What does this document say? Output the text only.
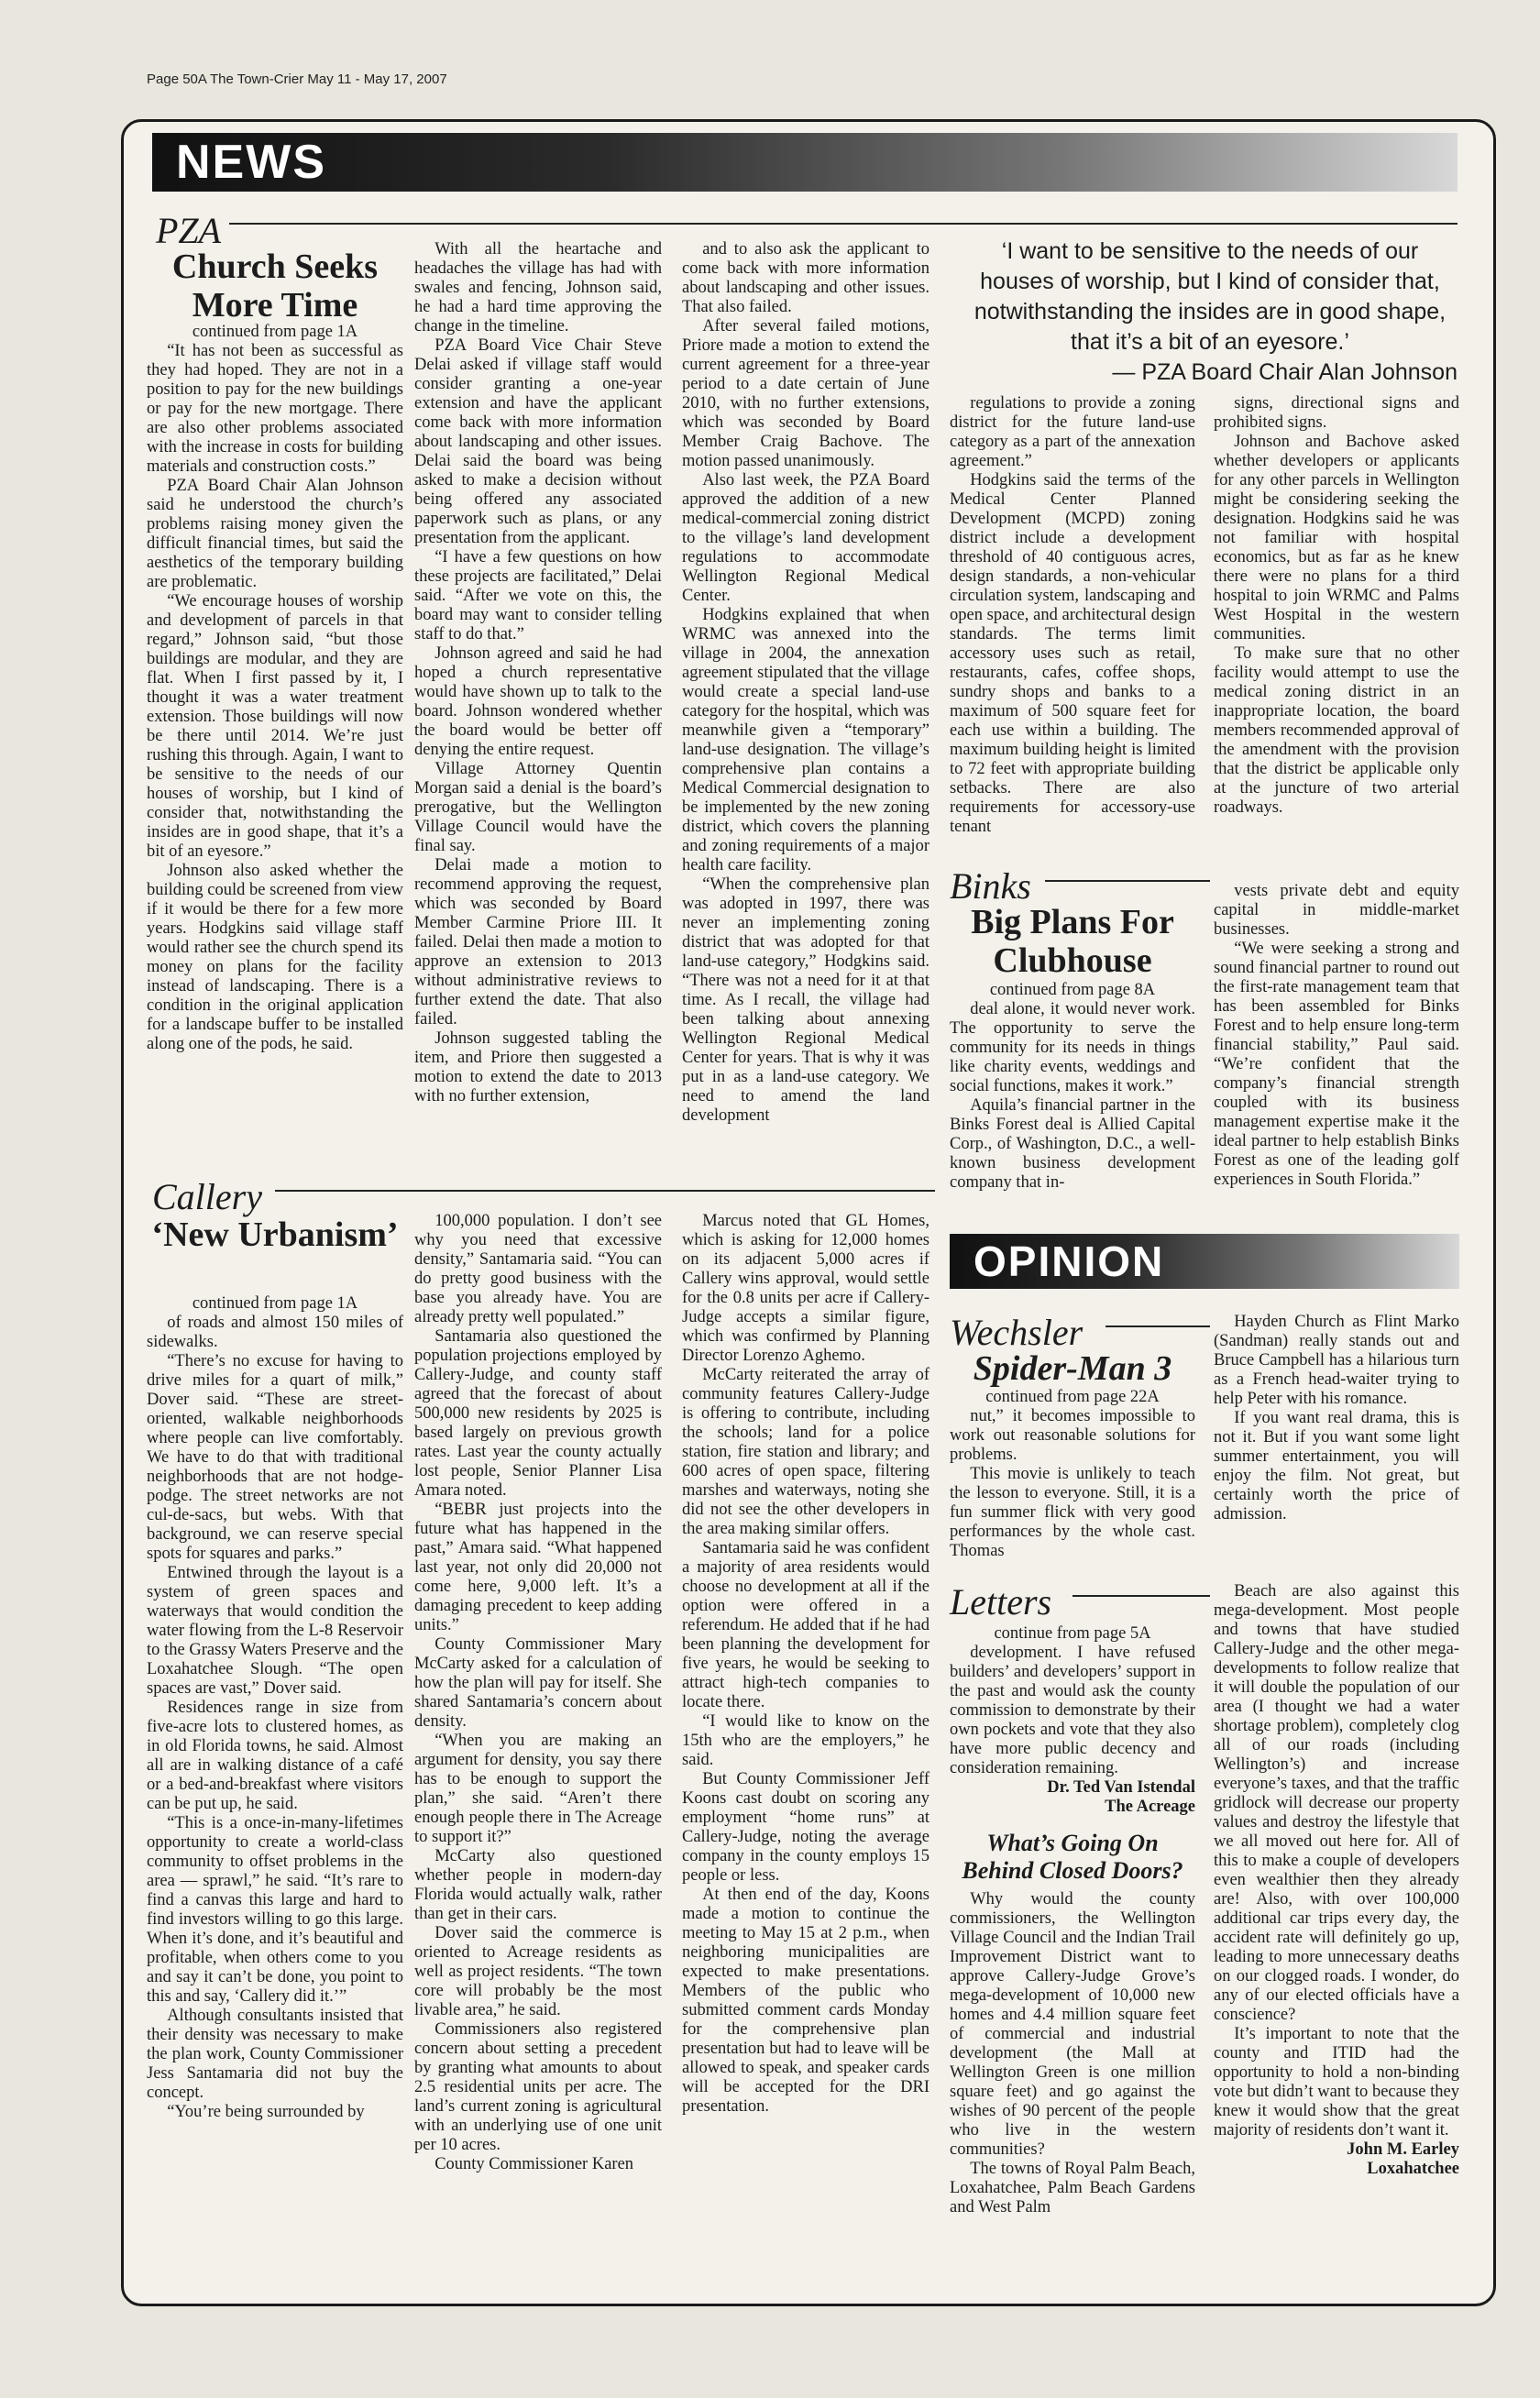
Page 50A The Town-Crier May 11 - May 17, 2007
NEWS
PZA
Church Seeks More Time

continued from page 1A

“It has not been as successful as they had hoped. They are not in a position to pay for the new buildings or pay for the new mortgage. There are also other problems associated with the increase in costs for building materials and construction costs.”

PZA Board Chair Alan Johnson said he understood the church’s problems raising money given the difficult financial times, but said the aesthetics of the temporary building are problematic.

“We encourage houses of worship and development of parcels in that regard,” Johnson said, “but those buildings are modular, and they are flat. When I first passed by it, I thought it was a water treatment extension. Those buildings will now be there until 2014. We’re just rushing this through. Again, I want to be sensitive to the needs of our houses of worship, but I kind of consider that, notwithstanding the insides are in good shape, that it’s a bit of an eyesore.”

Johnson also asked whether the building could be screened from view if it would be there for a few more years. Hodgkins said village staff would rather see the church spend its money on plans for the facility instead of landscaping. There is a condition in the original application for a landscape buffer to be installed along one of the pods, he said.

With all the heartache and headaches the village has had with swales and fencing, Johnson said, he had a hard time approving the change in the timeline.

PZA Board Vice Chair Steve Delai asked if village staff would consider granting a one-year extension and have the applicant come back with more information about landscaping and other issues. Delai said the board was being asked to make a decision without being offered any associated paperwork such as plans, or any presentation from the applicant.

“I have a few questions on how these projects are facilitated,” Delai said. “After we vote on this, the board may want to consider telling staff to do that.”

Johnson agreed and said he had hoped a church representative would have shown up to talk to the board. Johnson wondered whether the board would be better off denying the entire request.

Village Attorney Quentin Morgan said a denial is the board’s prerogative, but the Wellington Village Council would have the final say.

Delai made a motion to recommend approving the request, which was seconded by Board Member Carmine Priore III. It failed. Delai then made a motion to approve an extension to 2013 without administrative reviews to further extend the date. That also failed.

Johnson suggested tabling the item, and Priore then suggested a motion to extend the date to 2013 with no further extension,

and to also ask the applicant to come back with more information about landscaping and other issues. That also failed.

After several failed motions, Priore made a motion to extend the current agreement for a three-year period to a date certain of June 2010, with no further extensions, which was seconded by Board Member Craig Bachove. The motion passed unanimously.

Also last week, the PZA Board approved the addition of a new medical-commercial zoning district to the village’s land development regulations to accommodate Wellington Regional Medical Center.

Hodgkins explained that when WRMC was annexed into the village in 2004, the annexation agreement stipulated that the village would create a special land-use category for the hospital, which was meanwhile given a “temporary” land-use designation. The village’s comprehensive plan contains a Medical Commercial designation to be implemented by the new zoning district, which covers the planning and zoning requirements of a major health care facility.

“When the comprehensive plan was adopted in 1997, there was never an implementing zoning district that was adopted for that land-use category,” Hodgkins said. “There was not a need for it at that time. As I recall, the village had been talking about annexing Wellington Regional Medical Center for years. That is why it was put in as a land-use category. We need to amend the land development

‘I want to be sensitive to the needs of our houses of worship, but I kind of consider that, notwithstanding the insides are in good shape, that it’s a bit of an eyesore.’
— PZA Board Chair Alan Johnson

regulations to provide a zoning district for the future land-use category as a part of the annexation agreement.”

Hodgkins said the terms of the Medical Center Planned Development (MCPD) zoning district include a development threshold of 40 contiguous acres, design standards, a non-vehicular circulation system, landscaping and open space, and architectural design standards. The terms limit accessory uses such as retail, restaurants, cafes, coffee shops, sundry shops and banks to a maximum of 500 square feet for each use within a building. The maximum building height is limited to 72 feet with appropriate building setbacks. There are also requirements for accessory-use tenant

signs, directional signs and prohibited signs.

Johnson and Bachove asked whether developers or applicants for any other parcels in Wellington might be considering seeking the designation. Hodgkins said he was not familiar with hospital economics, but as far as he knew there were no plans for a third hospital to join WRMC and Palms West Hospital in the western communities.

To make sure that no other facility would attempt to use the medical zoning district in an inappropriate location, the board members recommended approval of the amendment with the provision that the district be applicable only at the juncture of two arterial roadways.

Binks
Big Plans For Clubhouse

continued from page 8A

deal alone, it would never work. The opportunity to serve the community for its needs in things like charity events, weddings and social functions, makes it work.”

Aquila’s financial partner in the Binks Forest deal is Allied Capital Corp., of Washington, D.C., a well-known business development company that in-

vests private debt and equity capital in middle-market businesses.

“We were seeking a strong and sound financial partner to round out the first-rate management team that has been assembled for Binks Forest and to help ensure long-term financial stability,” Paul said. “We’re confident that the company’s financial strength coupled with its business management expertise make it the ideal partner to help establish Binks Forest as one of the leading golf experiences in South Florida.”

Callery
‘New Urbanism’

continued from page 1A

of roads and almost 150 miles of sidewalks.

“There’s no excuse for having to drive miles for a quart of milk,” Dover said. “These are street-oriented, walkable neighborhoods where people can live comfortably. We have to do that with traditional neighborhoods that are not hodge-podge. The street networks are not cul-de-sacs, but webs. With that background, we can reserve special spots for squares and parks.”

Entwined through the layout is a system of green spaces and waterways that would condition the water flowing from the L-8 Reservoir to the Grassy Waters Preserve and the Loxahatchee Slough. “The open spaces are vast,” Dover said.

Residences range in size from five-acre lots to clustered homes, as in old Florida towns, he said. Almost all are in walking distance of a café or a bed-and-breakfast where visitors can be put up, he said.

“This is a once-in-many-lifetimes opportunity to create a world-class community to offset problems in the area — sprawl,” he said. “It’s rare to find a canvas this large and hard to find investors willing to go this large. When it’s done, and it’s beautiful and profitable, when others come to you and say it can’t be done, you point to this and say, ‘Callery did it.’”

Although consultants insisted that their density was necessary to make the plan work, County Commissioner Jess Santamaria did not buy the concept.

“You’re being surrounded by

100,000 population. I don’t see why you need that excessive density,” Santamaria said. “You can do pretty good business with the base you already have. You are already pretty well populated.”

Santamaria also questioned the population projections employed by Callery-Judge, and county staff agreed that the forecast of about 500,000 new residents by 2025 is based largely on previous growth rates. Last year the county actually lost people, Senior Planner Lisa Amara noted.

“BEBR just projects into the future what has happened in the past,” Amara said. “What happened last year, not only did 20,000 not come here, 9,000 left. It’s a damaging precedent to keep adding units.”

County Commissioner Mary McCarty asked for a calculation of how the plan will pay for itself. She shared Santamaria’s concern about density.

“When you are making an argument for density, you say there has to be enough to support the plan,” she said. “Aren’t there enough people there in The Acreage to support it?”

McCarty also questioned whether people in modern-day Florida would actually walk, rather than get in their cars.

Dover said the commerce is oriented to Acreage residents as well as project residents. “The town core will probably be the most livable area,” he said.

Commissioners also registered concern about setting a precedent by granting what amounts to about 2.5 residential units per acre. The land’s current zoning is agricultural with an underlying use of one unit per 10 acres.

County Commissioner Karen

Marcus noted that GL Homes, which is asking for 12,000 homes on its adjacent 5,000 acres if Callery wins approval, would settle for the 0.8 units per acre if Callery-Judge accepts a similar figure, which was confirmed by Planning Director Lorenzo Aghemo.

McCarty reiterated the array of community features Callery-Judge is offering to contribute, including the schools; land for a police station, fire station and library; and 600 acres of open space, filtering marshes and waterways, noting she did not see the other developers in the area making similar offers.

Santamaria said he was confident a majority of area residents would choose no development at all if the option were offered in a referendum. He added that if he had been planning the development for five years, he would be seeking to attract high-tech companies to locate there.

“I would like to know on the 15th who are the employers,” he said.

But County Commissioner Jeff Koons cast doubt on scoring any employment “home runs” at Callery-Judge, noting the average company in the county employs 15 people or less.

At then end of the day, Koons made a motion to continue the meeting to May 15 at 2 p.m., when neighboring municipalities are expected to make presentations. Members of the public who submitted comment cards Monday for the comprehensive plan presentation but had to leave will be allowed to speak, and speaker cards will be accepted for the DRI presentation.

OPINION
Wechsler
Spider-Man 3

continued from page 22A

nut,” it becomes impossible to work out reasonable solutions for problems.

This movie is unlikely to teach the lesson to everyone. Still, it is a fun summer flick with very good performances by the whole cast. Thomas

Hayden Church as Flint Marko (Sandman) really stands out and Bruce Campbell has a hilarious turn as a French head-waiter trying to help Peter with his romance.

If you want real drama, this is not it. But if you want some light summer entertainment, you will enjoy the film. Not great, but certainly worth the price of admission.

Letters

continue from page 5A

development. I have refused builders’ and developers’ support in the past and would ask the county commission to demonstrate by their own pockets and vote that they also have more public decency and consideration remaining.

Dr. Ted Van Istendal
The Acreage
What’s Going On Behind Closed Doors?

Why would the county commissioners, the Wellington Village Council and the Indian Trail Improvement District want to approve Callery-Judge Grove’s mega-development of 10,000 new homes and 4.4 million square feet of commercial and industrial development (the Mall at Wellington Green is one million square feet) and go against the wishes of 90 percent of the people who live in the western communities?

The towns of Royal Palm Beach, Loxahatchee, Palm Beach Gardens and West Palm

Beach are also against this mega-development. Most people and towns that have studied Callery-Judge and the other mega-developments to follow realize that it will double the population of our area (I thought we had a water shortage problem), completely clog all of our roads (including Wellington’s) and increase everyone’s taxes, and that the traffic gridlock will decrease our property values and destroy the lifestyle that we all moved out here for. All of this to make a couple of developers even wealthier then they already are! Also, with over 100,000 additional car trips every day, the accident rate will definitely go up, leading to more unnecessary deaths on our clogged roads. I wonder, do any of our elected officials have a conscience?

It’s important to note that the county and ITID had the opportunity to hold a non-binding vote but didn’t want to because they knew it would show that the great majority of residents don’t want it.

John M. Earley
Loxahatchee
